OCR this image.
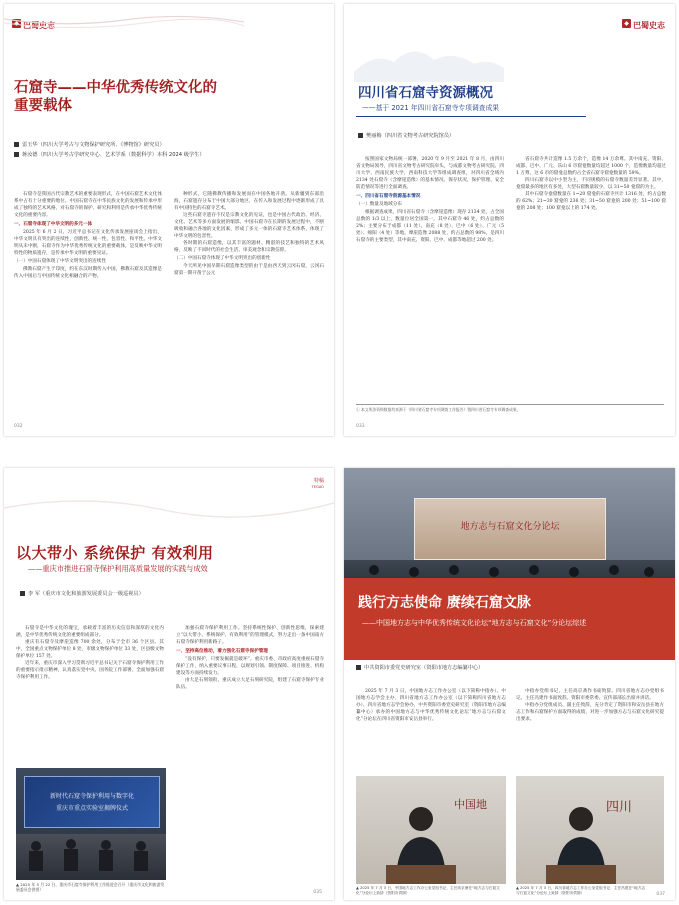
◆ 巴蜀史志
石窟寺——中华优秀传统文化的
重要载体
雷玉华（四川大学考古与文物保护研究所、《博物馆》研究员）
蒋汝德（四川大学考古学研究中心、艺术学系（数据科学）本科 2024 级学生）

石窟寺是我国古代宗教艺术的重要表现形式，在中国石窟艺术文化体系中占有十分重要的地位。中国石窟寺在中华民族文化的发展和传承中形成了独特的艺术风格，对石窟寺的保护、研究和利用是传承中华优秀传统文化的重要内容。

一、石窟寺体现了中华文明的多元一体

2025 年 6 月 2 日，习近平总书记在文化传承发展座谈会上指出，中华文明具有突出的连续性、创新性、统一性、包容性、和平性。中华文明从未中断，石窟寺作为中华优秀传统文化的重要载体，是反映中华文明特性的物质遗存，是传承中华文明的重要见证。

（一）中国石窟体现了中华文明突出的连续性

佛教石窟产生于印度，约在东汉时期传入中国，佛教石窟及其造像是传入中国后与中国传统文化相融合的产物。

种形式，它随佛教传播和发展而在中国各地开凿。从新疆到东部沿海，石窟遗存分布于中国大部分地区，在传入和发展过程中逐渐形成了具有中国特色的石窟寺艺术。

这些石窟寺遗存不仅是宗教文化的见证，也是中国古代政治、经济、文化、艺术等多方面发展的缩影。中国石窟寺在长期的发展过程中，不断吸收和融合各地的文化因素，形成了多元一体的石窟寺艺术体系，体现了中华文明的包容性。

各时期的石窟造像，以其丰富的题材、精湛的技艺和独特的艺术风格，反映了不同时代的社会生活、审美观念和宗教信仰。

（二）中国石窟寺体现了中华文明突出的创新性

今天所见中国早期石窟造像类型的由于是由西天到云冈石窟，云冈石窟第一期开凿于公元

032
◆ 巴蜀史志
四川省石窟寺资源概况
——基于 2021 年四川省石窟寺专项调查成果
樊丽梅（四川省文物考古研究院馆员）

按照国家文物局统一部署，2020 年 9 月至 2021 年 8 月，由四川省文物局领导，四川省文物考古研究院牵头，与成都文物考古研究院、四川大学、西南民族大学、西南科技大学等组成调查组，对四川省全域内 2134 处石窟寺（含摩崖造像）的基本情况、保存状况、保护管理、安全防范情况等进行全面调查。

一、四川省石窟寺资源基本情况

（一）数量及地域分布

根据调查成果，四川省石窟寺（含摩崖造像）现存 2134 处，占全国总数的 1/3 以上，数量位居全国第一。其中石窟寺 46 处，约占总数的 2%；主要分布于成都（11 处）、南充（8 处）、巴中（6 处）、广元（5 处）、绵阳（4 处）等地。摩崖造像 2088 处，约占总数的 98%，是四川石窟寺的主要类型，其中南充、资阳、巴中、成都等地超过 200 处。

省石窟寺共计造像 1.5 万余个，造像 14 万余尊。其中南充、资阳、成都、巴中、广元、乐山 6 市窟龛数量均超过 1000 个，造像数量均超过 1 万尊，这 6 市的窟龛总数约占全省石窟寺窟龛数量的 59%。

四川石窟寺以中小型为主，不同规模的石窟寺数量差异显著。其中，龛窟最多的地区有多处，大型石窟数量较少，以 31~50 龛窟的为主。

其中石窟寺龛窟数量在 1~20 窟龛的石窟寺共计 1316 处，约占总数的 62%；21~30 窟龛的 236 处；31~50 窟龛的 200 处；51~100 窟龛的 208 处；100 窟龛以上的 174 处。

① 本文所涉资料数据均来源于《四川省石窟寺专项调查工作报告》暨四川省石窟寺专项调查成果。
033
特稿
TEGAO
以大带小 系统保护 有效利用
——重庆市推进石窟寺保护利用高质量发展的实践与成效
李 军（重庆市文化和旅游发展委员会一级巡视员）

石窟寺是中华文化的瑰宝，承载着丰富的历史信息和深厚的文化内涵，是中华优秀传统文化的重要组成部分。

重庆有石窟寺及摩崖造像 700 余处，分布于全市 36 个区县。其中，全国重点文物保护单位 8 处，市级文物保护单位 33 处，区县级文物保护单位 157 处。

近年来，重庆市深入学习贯彻习近平总书记关于石窟寺保护利用工作的重要指示批示精神，认真落实党中央、国务院工作部署，全面加强石窟寺保护利用工作。

加强石窟寺保护利用工作。坚持系统性保护、创新性思维，探索建立“以大带小、系统保护、有效利用”的管理模式，努力走出一条中国南方石窟寺保护利用新路子。

一、坚持高位推动，着力强化石窟寺保护管理

“没有保护，只要发掘就是破坏”。重庆市委、市政府高度重视石窟寺保护工作，纳入重要议事日程，以规划引领、制度保障、项目推进、机构建设等方面持续发力。

由大足石刻领衔，重庆成立大足石刻研究院，组建了石窟寺保护专业队伍。

新时代石窟寺保护利用与数字化
重庆市重点实验室揭牌仪式
▲ 2025 年 5 月 22 日，重庆市石窟寺保护利用工作推进会召开（重庆市文化和旅游发展委员会供图）
035
地方志与石窟文化分论坛
践行方志使命 赓续石窟文脉
——中国地方志与中华优秀传统文化论坛“地方志与石窟文化”分论坛综述
中共资阳市委党史研究室（资阳市地方志编纂中心）

2025 年 7 月 3 日，中国地方志工作办公室（以下简称中指办）、中国地方志学会主办，四川省地方志工作办公室（以下简称四川省地方志办）、四川省地方志学会协办，中共资阳市委党史研究室（资阳市地方志编纂中心）承办的中国地方志与中华优秀传统文化论坛“地方志与石窟文化”分论坛在四川省资阳市安岳县举行。

中指办党组书记、主任高京斋作书面致辞。四川省地方志办党组书记、主任冯建作书面致辞。资阳市委常委、宣传部部长出席并讲话。

中指办分党组成员、副主任致辞，充分肯定了资阳市和安岳县在地方志工作和石窟保护方面取得的成绩，对进一步加强方志与石窟文化研究提出要求。

中国地	四川
▲ 2025 年 7 月 3 日，中国地方志工作办公室党组书记、主任高京斋在“地方志与石窟文化”分论坛上致辞（资阳市供图）
▲ 2025 年 7 月 3 日，四川省地方志工作办公室党组书记、主任冯建在“地方志与石窟文化”分论坛上致辞（资阳市供图）	037
